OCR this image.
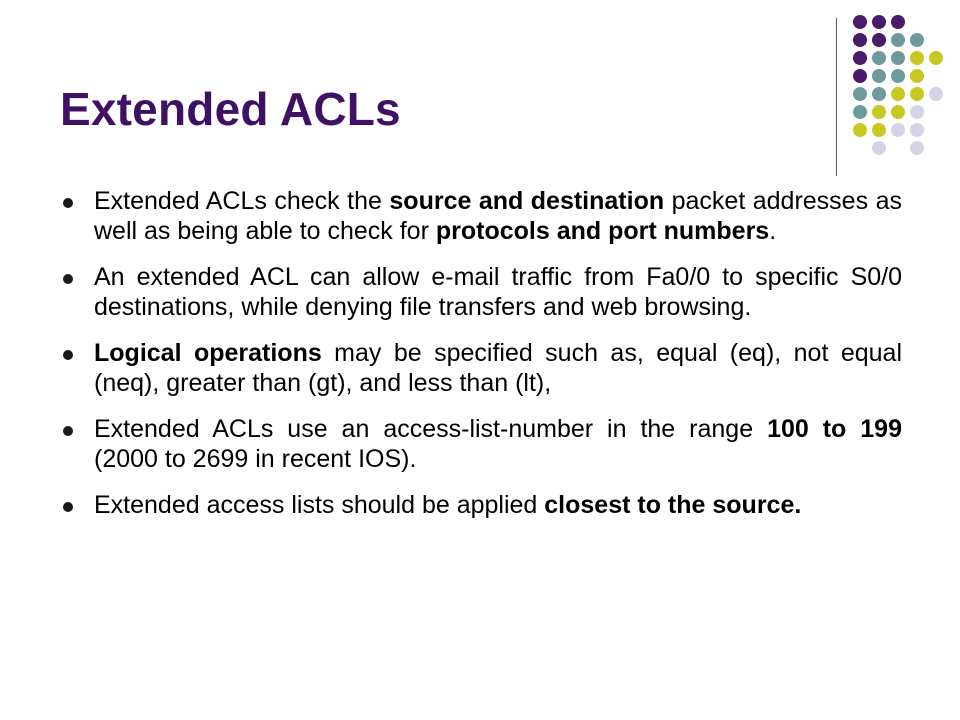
Extended ACLs
Extended ACLs check the source and destination packet addresses as well as being able to check for protocols and port numbers.
An extended ACL can allow e-mail traffic from Fa0/0 to specific S0/0 destinations, while denying file transfers and web browsing.
Logical operations may be specified such as, equal (eq), not equal (neq), greater than (gt), and less than (lt),
Extended ACLs use an access-list-number in the range 100 to 199 (2000 to 2699 in recent IOS).
Extended access lists should be applied closest to the source.
